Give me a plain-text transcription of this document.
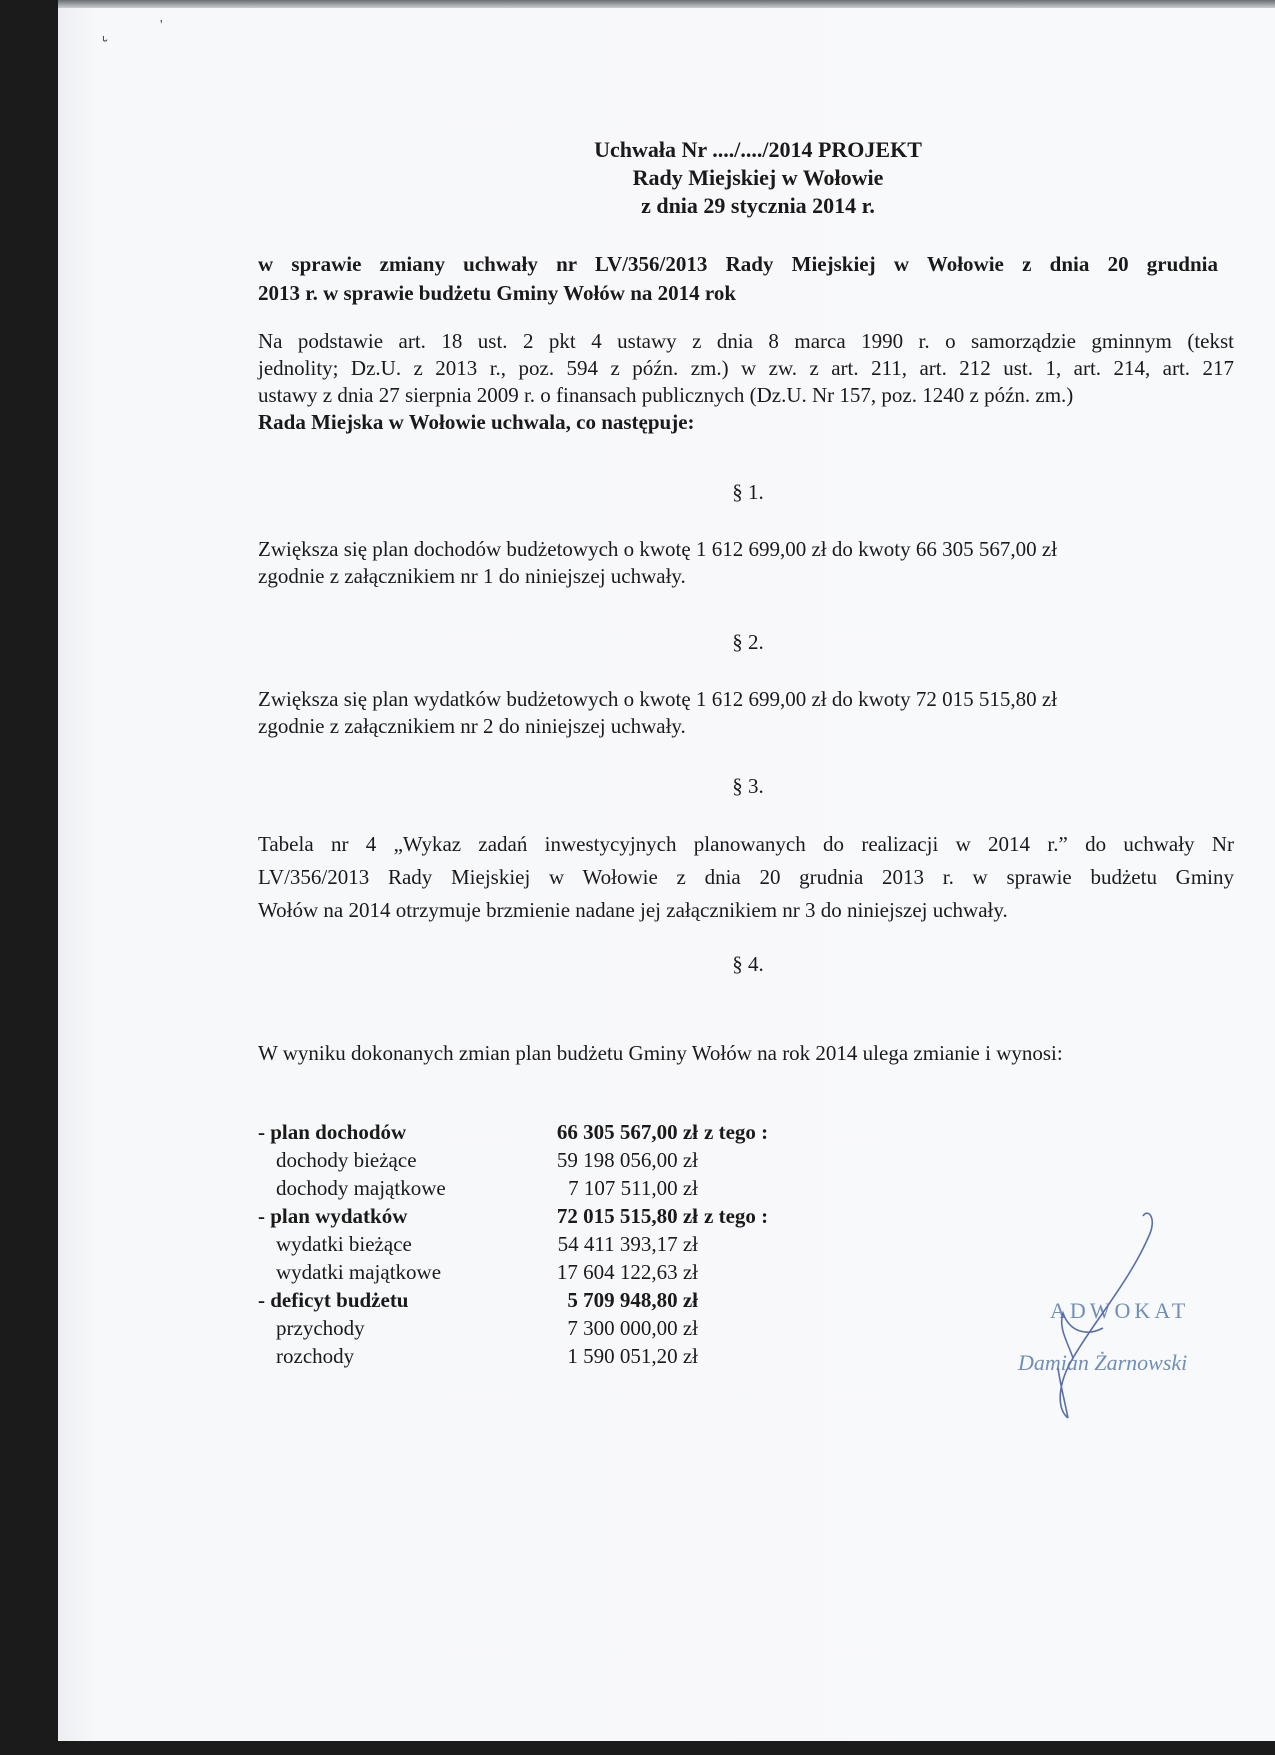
'
ᒡ

Uchwała Nr ..../..../2014 PROJEKT

Rady Miejskiej w Wołowie

z dnia 29 stycznia 2014 r.

w sprawie zmiany uchwały nr LV/356/2013 Rady Miejskiej w Wołowie z dnia 20 grudnia
2013 r. w sprawie budżetu Gminy Wołów na 2014 rok
Na podstawie art. 18 ust. 2 pkt 4 ustawy z dnia 8 marca 1990 r. o samorządzie gminnym (tekst
jednolity; Dz.U. z 2013 r., poz. 594 z późn. zm.) w zw. z art. 211, art. 212 ust. 1, art. 214, art. 217
ustawy z dnia 27 sierpnia 2009 r. o finansach publicznych (Dz.U. Nr 157, poz. 1240 z późn. zm.)
Rada Miejska w Wołowie uchwala, co następuje:

§ 1.

Zwiększa się plan dochodów budżetowych o kwotę 1 612 699,00 zł do kwoty 66 305 567,00 zł
zgodnie z załącznikiem nr 1 do niniejszej uchwały.

§ 2.

Zwiększa się plan wydatków budżetowych o kwotę 1 612 699,00 zł do kwoty 72 015 515,80 zł
zgodnie z załącznikiem nr 2 do niniejszej uchwały.

§ 3.

Tabela nr 4 „Wykaz zadań inwestycyjnych planowanych do realizacji w 2014 r.” do uchwały Nr
LV/356/2013 Rady Miejskiej w Wołowie z dnia 20 grudnia 2013 r. w sprawie budżetu Gminy
Wołów na 2014 otrzymuje brzmienie nadane jej załącznikiem nr 3 do niniejszej uchwały.

§ 4.

W wyniku dokonanych zmian plan budżetu Gminy Wołów na rok 2014 ulega zmianie i wynosi:
- plan dochodów	66 305 567,00 zł z tego :
dochody bieżące	59 198 056,00 zł
dochody majątkowe	7 107 511,00 zł
- plan wydatków	72 015 515,80 zł z tego :
wydatki bieżące	54 411 393,17 zł
wydatki majątkowe	17 604 122,63 zł
- deficyt budżetu	5 709 948,80 zł
przychody	7 300 000,00 zł
rozchody	1 590 051,20 zł
ADWOKAT
Damian Żarnowski
